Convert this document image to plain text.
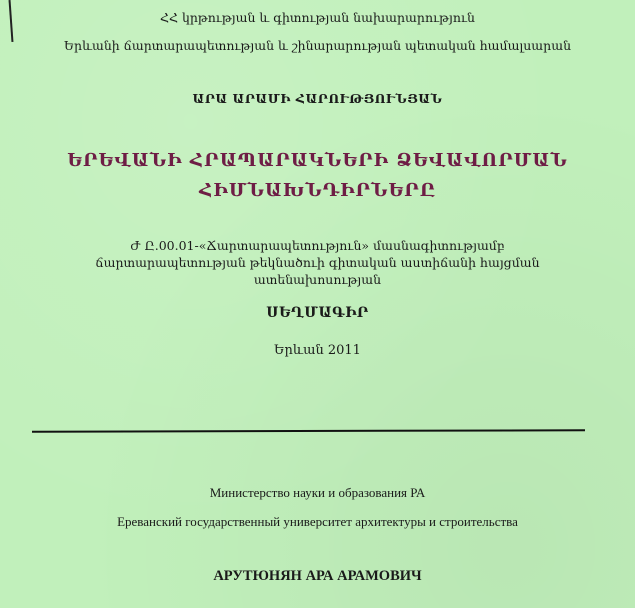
ՀՀ կրթության և գիտության նախարարություն
Երևանի ճարտարապետության և շինարարության պետական համալսարան
ԱՐԱ ԱՐԱՄԻ ՀԱՐՈՒԹՅՈՒՆՅԱՆ
ԵՐԵՎԱՆԻ ՀՐԱՊԱՐԱԿՆԵՐԻ ՁԵՎԱՎՈՐՄԱՆ
ՀԻՄՆԱԽՆԴԻՐՆԵՐԸ
Ժ Ը.00.01-«Ճարտարապետություն» մասնագիտությամբ
ճարտարապետության թեկնածուի գիտական աստիճանի հայցման
ատենախոսության
ՍԵՂՄԱԳԻՐ
Երևան 2011
Министерство науки и образования РА
Ереванский государственный университет архитектуры и строительства
АРУТЮНЯН АРА АРАМОВИЧ
